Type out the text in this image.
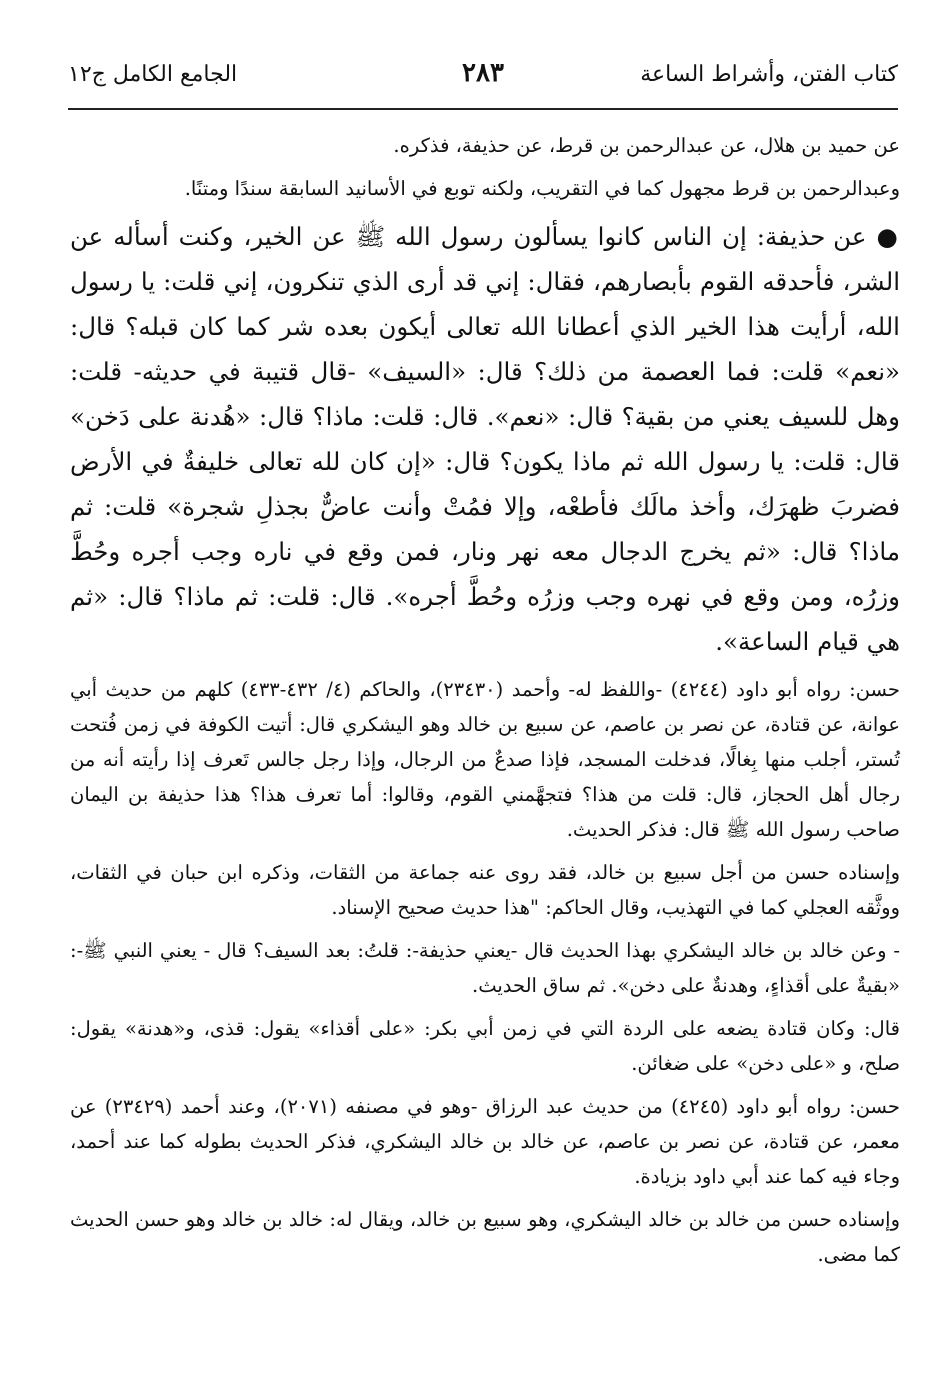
كتاب الفتن، وأشراط الساعة
٢٨٣
الجامع الكامل ج١٢

عن حميد بن هلال، عن عبدالرحمن بن قرط، عن حذيفة، فذكره.

وعبدالرحمن بن قرط مجهول كما في التقريب، ولكنه توبع في الأسانيد السابقة سندًا ومتنًا.

● عن حذيفة: إن الناس كانوا يسألون رسول الله ﷺ عن الخير، وكنت أسأله عن الشر، فأحدقه القوم بأبصارهم، فقال: إني قد أرى الذي تنكرون، إني قلت: يا رسول الله، أرأيت هذا الخير الذي أعطانا الله تعالى أيكون بعده شر كما كان قبله؟ قال: «نعم» قلت: فما العصمة من ذلك؟ قال: «السيف» -قال قتيبة في حديثه- قلت: وهل للسيف يعني من بقية؟ قال: «نعم». قال: قلت: ماذا؟ قال: «هُدنة على دَخن» قال: قلت: يا رسول الله ثم ماذا يكون؟ قال: «إن كان لله تعالى خليفةٌ في الأرض فضربَ ظهرَك، وأخذ مالَك فأطعْه، وإلا فمُتْ وأنت عاضٌّ بجذلِ شجرة» قلت: ثم ماذا؟ قال: «ثم يخرج الدجال معه نهر ونار، فمن وقع في ناره وجب أجره وحُطَّ وزرُه، ومن وقع في نهره وجب وزرُه وحُطَّ أجره». قال: قلت: ثم ماذا؟ قال: «ثم هي قيام الساعة».

حسن: رواه أبو داود (٤٢٤٤) -واللفظ له- وأحمد (٢٣٤٣٠)، والحاكم (٤/ ٤٣٢-٤٣٣) كلهم من حديث أبي عوانة، عن قتادة، عن نصر بن عاصم، عن سبيع بن خالد وهو اليشكري قال: أتيت الكوفة في زمن فُتحت تُستر، أجلب منها بِغالًا، فدخلت المسجد، فإذا صدعٌ من الرجال، وإذا رجل جالس تَعرف إذا رأيته أنه من رجال أهل الحجاز، قال: قلت من هذا؟ فتجهَّمني القوم، وقالوا: أما تعرف هذا؟ هذا حذيفة بن اليمان صاحب رسول الله ﷺ قال: فذكر الحديث.

وإسناده حسن من أجل سبيع بن خالد، فقد روى عنه جماعة من الثقات، وذكره ابن حبان في الثقات، ووثَّقه العجلي كما في التهذيب، وقال الحاكم: "هذا حديث صحيح الإسناد.

- وعن خالد بن خالد اليشكري بهذا الحديث قال -يعني حذيفة-: قلتُ: بعد السيف؟ قال - يعني النبي ﷺ-: «بقيةٌ على أقذاءٍ، وهدنةٌ على دخن». ثم ساق الحديث.

قال: وكان قتادة يضعه على الردة التي في زمن أبي بكر: «على أقذاء» يقول: قذى، و«هدنة» يقول: صلح، و «على دخن» على ضغائن.

حسن: رواه أبو داود (٤٢٤٥) من حديث عبد الرزاق -وهو في مصنفه (٢٠٧١)، وعند أحمد (٢٣٤٢٩) عن معمر، عن قتادة، عن نصر بن عاصم، عن خالد بن خالد اليشكري، فذكر الحديث بطوله كما عند أحمد، وجاء فيه كما عند أبي داود بزيادة.

وإسناده حسن من خالد بن خالد اليشكري، وهو سبيع بن خالد، ويقال له: خالد بن خالد وهو حسن الحديث كما مضى.
